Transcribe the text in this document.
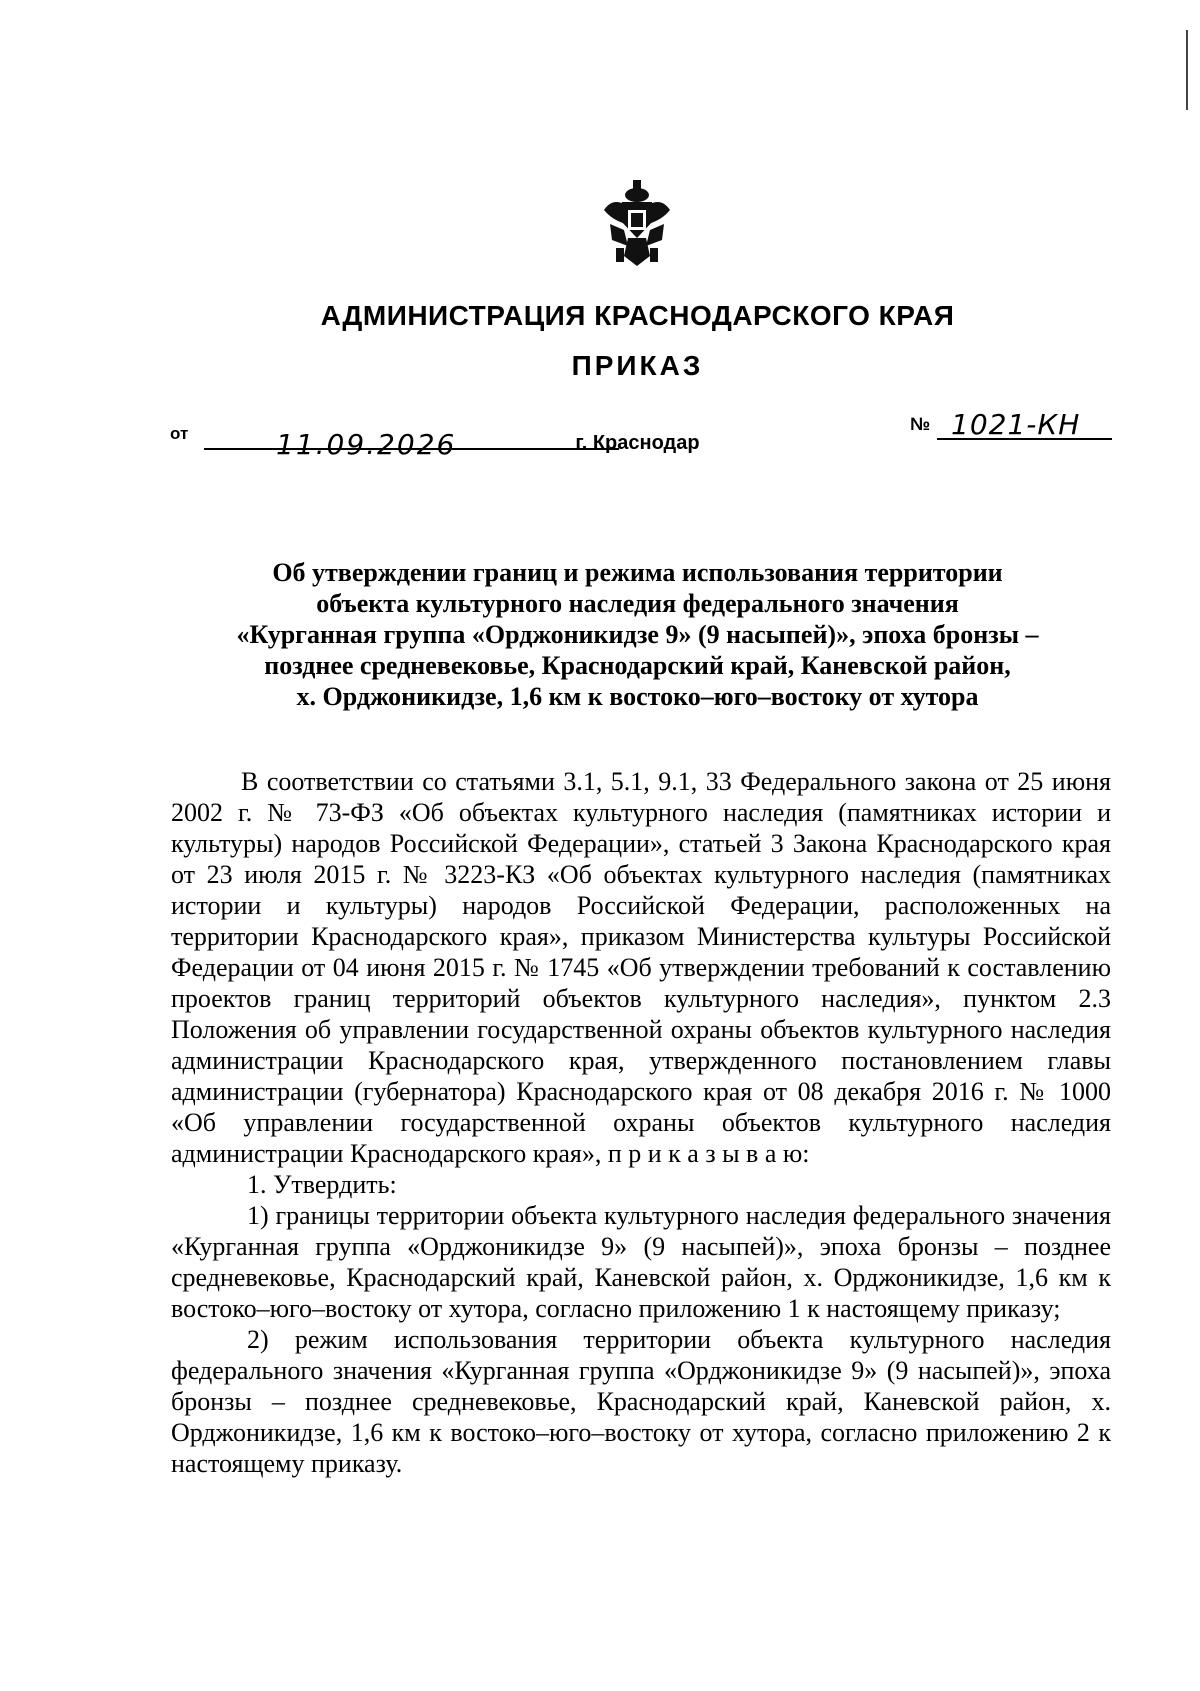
АДМИНИСТРАЦИЯ КРАСНОДАРСКОГО КРАЯ
ПРИКАЗ
от	11.09.2026
№ 1021-КН
г. Краснодар
Об утверждении границ и режима использования территории
объекта культурного наследия федерального значения
«Курганная группа «Орджоникидзе 9» (9 насыпей)», эпоха бронзы –
позднее средневековье, Краснодарский край, Каневской район,
х. Орджоникидзе, 1,6 км к востоко–юго–востоку от хутора

В соответствии со статьями 3.1, 5.1, 9.1, 33 Федерального закона от 25 июня 2002 г. № 73-ФЗ «Об объектах культурного наследия (памятниках истории и культуры) народов Российской Федерации», статьей 3 Закона Краснодарского края от 23 июля 2015 г. № 3223-КЗ «Об объектах культурного наследия (памятниках истории и культуры) народов Российской Федерации, расположенных на территории Краснодарского края», приказом Министерства культуры Российской Федерации от 04 июня 2015 г. № 1745 «Об утверждении требований к составлению проектов границ территорий объектов культурного наследия», пунктом 2.3 Положения об управлении государственной охраны объектов культурного наследия администрации Краснодарского края, утвержденного постановлением главы администрации (губернатора) Краснодарского края от 08 декабря 2016 г. № 1000 «Об управлении государственной охраны объектов культурного наследия администрации Краснодарского края», п р и к а з ы в а ю:

1. Утвердить:

1) границы территории объекта культурного наследия федерального значения «Курганная группа «Орджоникидзе 9» (9 насыпей)», эпоха бронзы – позднее средневековье, Краснодарский край, Каневской район, х. Орджоникидзе, 1,6 км к востоко–юго–востоку от хутора, согласно приложению 1 к настоящему приказу;

2) режим использования территории объекта культурного наследия федерального значения «Курганная группа «Орджоникидзе 9» (9 насыпей)», эпоха бронзы – позднее средневековье, Краснодарский край, Каневской район, х. Орджоникидзе, 1,6 км к востоко–юго–востоку от хутора, согласно приложению 2 к настоящему приказу.
